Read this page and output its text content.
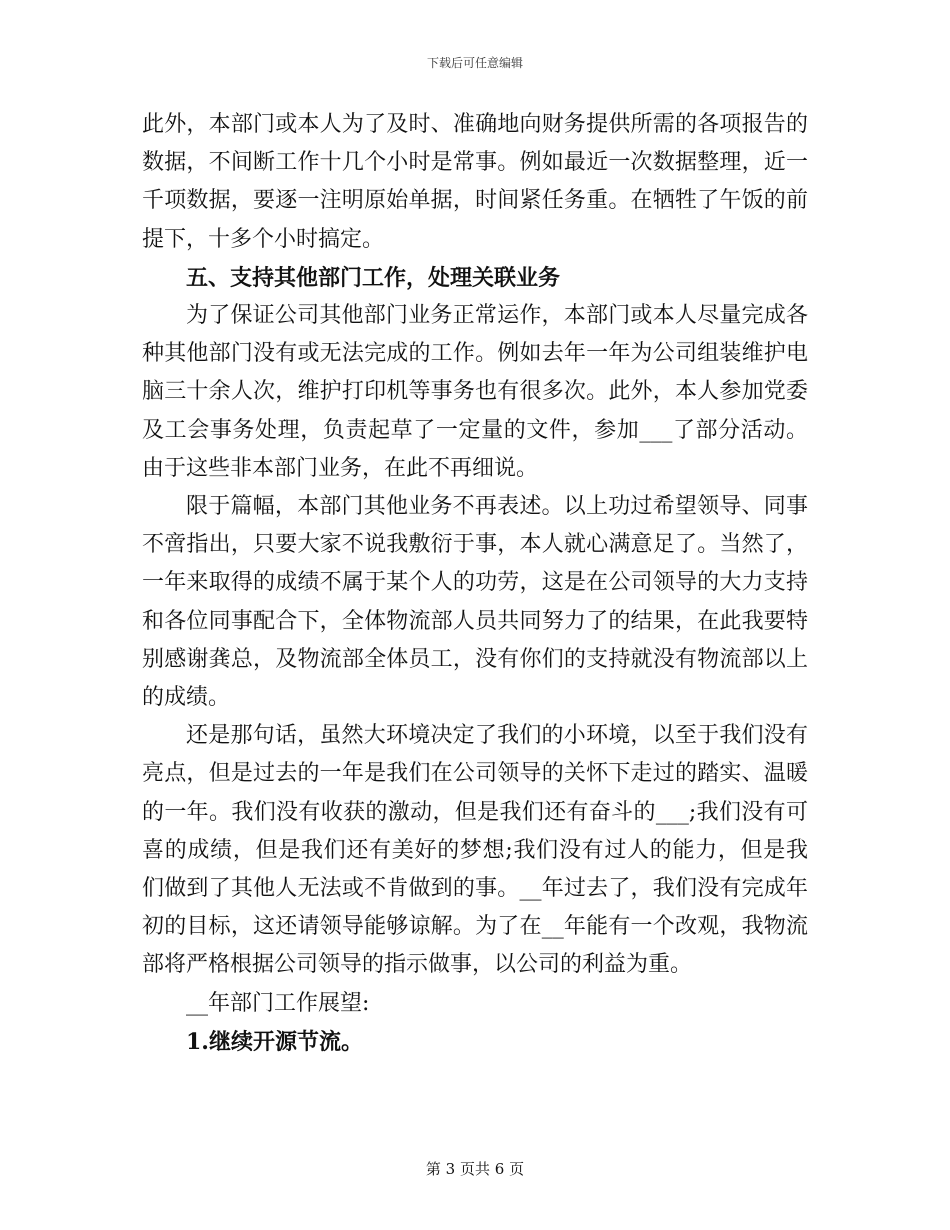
下载后可任意编辑

此外，本部门或本人为了及时、准确地向财务提供所需的各项报告的数据，不间断工作十几个小时是常事。例如最近一次数据整理，近一千项数据，要逐一注明原始单据，时间紧任务重。在牺牲了午饭的前提下，十多个小时搞定。

五、支持其他部门工作，处理关联业务

为了保证公司其他部门业务正常运作，本部门或本人尽量完成各种其他部门没有或无法完成的工作。例如去年一年为公司组装维护电脑三十余人次，维护打印机等事务也有很多次。此外，本人参加党委及工会事务处理，负责起草了一定量的文件，参加___了部分活动。由于这些非本部门业务，在此不再细说。

限于篇幅，本部门其他业务不再表述。以上功过希望领导、同事不啻指出，只要大家不说我敷衍于事，本人就心满意足了。当然了，一年来取得的成绩不属于某个人的功劳，这是在公司领导的大力支持和各位同事配合下，全体物流部人员共同努力了的结果，在此我要特别感谢龚总，及物流部全体员工，没有你们的支持就没有物流部以上的成绩。

还是那句话，虽然大环境决定了我们的小环境，以至于我们没有亮点，但是过去的一年是我们在公司领导的关怀下走过的踏实、温暖的一年。我们没有收获的激动，但是我们还有奋斗的___;我们没有可喜的成绩，但是我们还有美好的梦想;我们没有过人的能力，但是我们做到了其他人无法或不肯做到的事。__年过去了，我们没有完成年初的目标，这还请领导能够谅解。为了在__年能有一个改观，我物流部将严格根据公司领导的指示做事，以公司的利益为重。

__年部门工作展望:

1.继续开源节流。

第 3 页共 6 页
